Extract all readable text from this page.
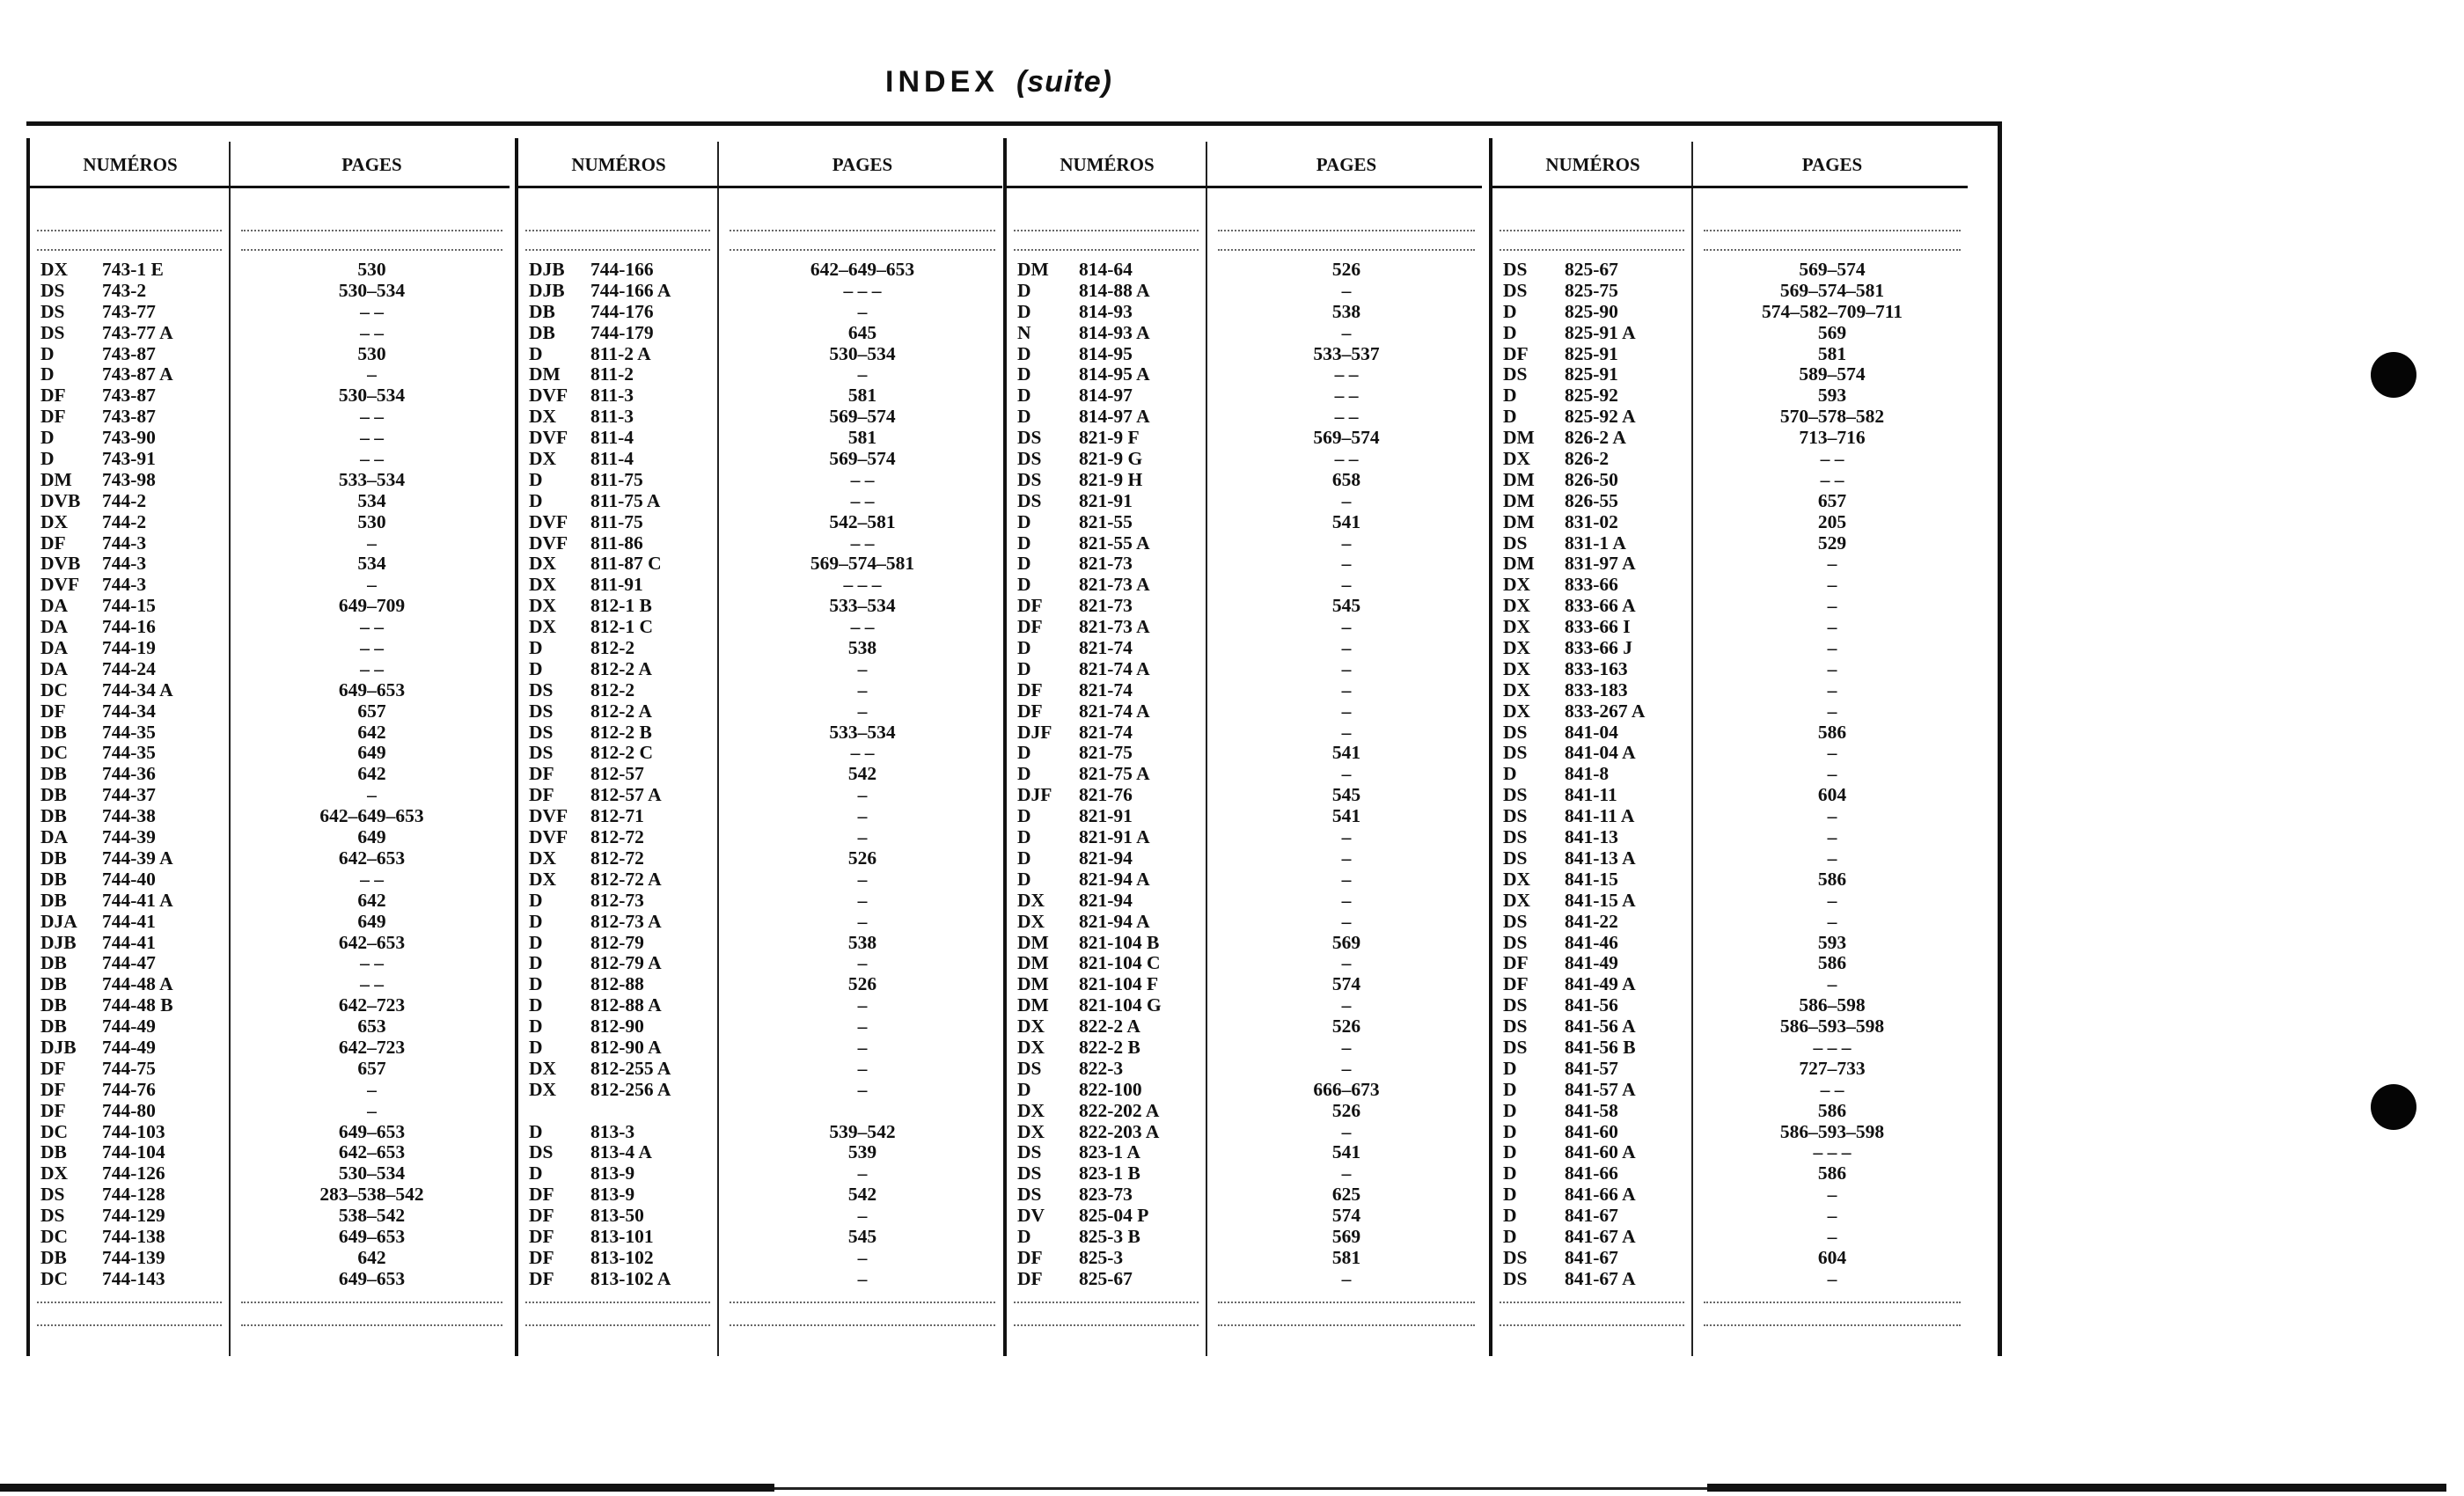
INDEX (suite)
NUMÉROS	PAGES
DX 743-1 E	530
DS 743-2	530–534
DS 743-77	– –
DS 743-77 A	– –
D	743-87	530
D	743-87 A	–
DF 743-87	530–534
DF 743-87	– –
D	743-90	– –
D	743-91	– –
DM 743-98	533–534
DVB 744-2	534
DX 744-2	530
DF 744-3	–
DVB 744-3	534
DVF 744-3	–
DA 744-15	649–709
DA 744-16	– –
DA 744-19	– –
DA 744-24	– –
DC 744-34 A	649–653
DF 744-34	657
DB 744-35	642
DC 744-35	649
DB 744-36	642
DB 744-37	–
DB 744-38	642–649–653
DA 744-39	649
DB 744-39 A	642–653
DB 744-40	– –
DB 744-41 A	642
DJA 744-41	649
DJB 744-41	642–653
DB 744-47	– –
DB 744-48 A	– –
DB 744-48 B	642–723
DB 744-49	653
DJB 744-49	642–723
DF 744-75	657
DF 744-76	–
DF 744-80	–
DC 744-103	649–653
DB 744-104	642–653
DX 744-126	530–534
DS 744-128	283–538–542
DS 744-129	538–542
DC 744-138	649–653
DB 744-139	642
DC 744-143	649–653
NUMÉROS	PAGES
DJB 744-166	642–649–653
DJB 744-166 A	– – –
DB 744-176	–
DB 744-179	645
D	811-2 A	530–534
DM 811-2	–
DVF 811-3	581
DX 811-3	569–574
DVF 811-4	581
DX 811-4	569–574
D	811-75	– –
D	811-75 A	– –
DVF 811-75	542–581
DVF 811-86	– –
DX 811-87 C	569–574–581
DX 811-91	– – –
DX 812-1 B	533–534
DX 812-1 C	– –
D	812-2	538
D	812-2 A	–
DS 812-2	–
DS 812-2 A	–
DS 812-2 B	533–534
DS 812-2 C	– –
DF 812-57	542
DF 812-57 A	–
DVF 812-71	–
DVF 812-72	–
DX 812-72	526
DX 812-72 A	–
D	812-73	–
D	812-73 A	–
D	812-79	538
D	812-79 A	–
D	812-88	526
D	812-88 A	–
D	812-90	–
D	812-90 A	–
DX 812-255 A	–
DX 812-256 A	–
D	813-3	539–542
DS 813-4 A	539
D	813-9	–
DF 813-9	542
DF 813-50	–
DF 813-101	545
DF 813-102	–
DF 813-102 A	–
NUMÉROS	PAGES
DM 814-64	526
D	814-88 A	–
D	814-93	538
N	814-93 A	–
D	814-95	533–537
D	814-95 A	– –
D	814-97	– –
D	814-97 A	– –
DS 821-9 F	569–574
DS 821-9 G	– –
DS 821-9 H	658
DS 821-91	–
D	821-55	541
D	821-55 A	–
D	821-73	–
D	821-73 A	–
DF 821-73	545
DF 821-73 A	–
D	821-74	–
D	821-74 A	–
DF 821-74	–
DF 821-74 A	–
DJF 821-74	–
D	821-75	541
D	821-75 A	–
DJF 821-76	545
D	821-91	541
D	821-91 A	–
D	821-94	–
D	821-94 A	–
DX 821-94	–
DX 821-94 A	–
DM 821-104 B	569
DM 821-104 C	–
DM 821-104 F	574
DM 821-104 G	–
DX 822-2 A	526
DX 822-2 B	–
DS 822-3	–
D	822-100	666–673
DX 822-202 A	526
DX 822-203 A	–
DS 823-1 A	541
DS 823-1 B	–
DS 823-73	625
DV 825-04 P	574
D	825-3 B	569
DF 825-3	581
DF 825-67	–
NUMÉROS	PAGES
DS 825-67	569–574
DS 825-75	569–574–581
D	825-90	574–582–709–711
D	825-91 A	569
DF 825-91	581
DS 825-91	589–574
D	825-92	593
D	825-92 A	570–578–582
DM 826-2 A	713–716
DX 826-2	– –
DM 826-50	– –
DM 826-55	657
DM 831-02	205
DS 831-1 A	529
DM 831-97 A	–
DX 833-66	–
DX 833-66 A	–
DX 833-66 I	–
DX 833-66 J	–
DX 833-163	–
DX 833-183	–
DX 833-267 A	–
DS 841-04	586
DS 841-04 A	–
D	841-8	–
DS 841-11	604
DS 841-11 A	–
DS 841-13	–
DS 841-13 A	–
DX 841-15	586
DX 841-15 A	–
DS 841-22	–
DS 841-46	593
DF 841-49	586
DF 841-49 A	–
DS 841-56	586–598
DS 841-56 A	586–593–598
DS 841-56 B	– – –
D	841-57	727–733
D	841-57 A	– –
D	841-58	586
D	841-60	586–593–598
D	841-60 A	– – –
D	841-66	586
D	841-66 A	–
D	841-67	–
D	841-67 A	–
DS 841-67	604
DS 841-67 A	–
